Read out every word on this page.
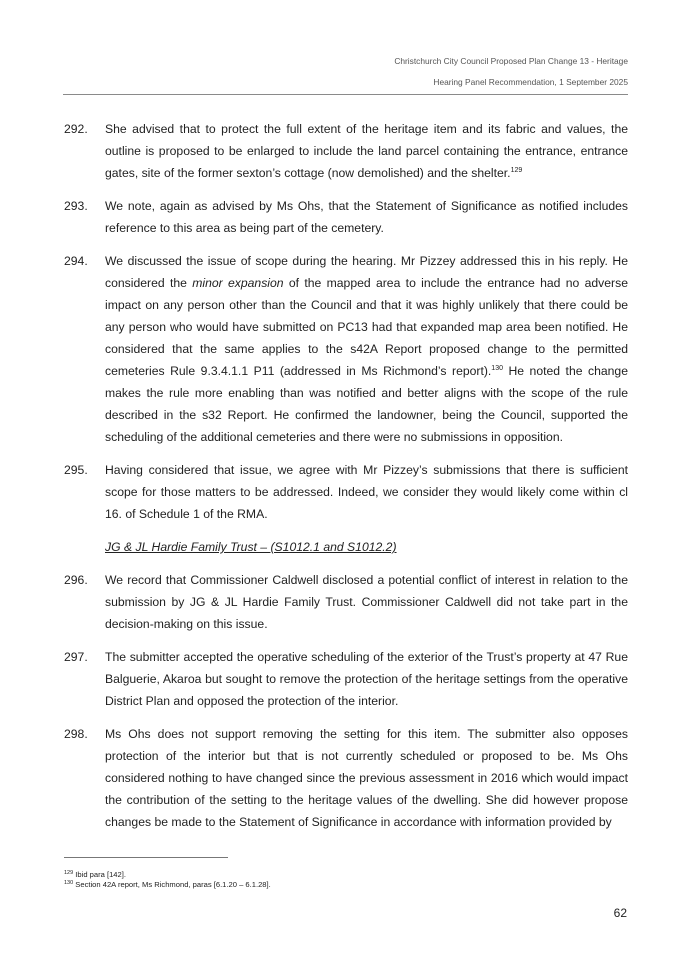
Christchurch City Council Proposed Plan Change 13 - Heritage
Hearing Panel Recommendation, 1 September 2025
292. She advised that to protect the full extent of the heritage item and its fabric and values, the outline is proposed to be enlarged to include the land parcel containing the entrance, entrance gates, site of the former sexton’s cottage (now demolished) and the shelter.$^{129}$
293. We note, again as advised by Ms Ohs, that the Statement of Significance as notified includes reference to this area as being part of the cemetery.
294. We discussed the issue of scope during the hearing. Mr Pizzey addressed this in his reply. He considered the minor expansion of the mapped area to include the entrance had no adverse impact on any person other than the Council and that it was highly unlikely that there could be any person who would have submitted on PC13 had that expanded map area been notified. He considered that the same applies to the s42A Report proposed change to the permitted cemeteries Rule 9.3.4.1.1 P11 (addressed in Ms Richmond’s report).$^{130}$ He noted the change makes the rule more enabling than was notified and better aligns with the scope of the rule described in the s32 Report. He confirmed the landowner, being the Council, supported the scheduling of the additional cemeteries and there were no submissions in opposition.
295. Having considered that issue, we agree with Mr Pizzey’s submissions that there is sufficient scope for those matters to be addressed. Indeed, we consider they would likely come within cl 16. of Schedule 1 of the RMA.
JG & JL Hardie Family Trust – (S1012.1 and S1012.2)
296. We record that Commissioner Caldwell disclosed a potential conflict of interest in relation to the submission by JG & JL Hardie Family Trust. Commissioner Caldwell did not take part in the decision-making on this issue.
297. The submitter accepted the operative scheduling of the exterior of the Trust’s property at 47 Rue Balguerie, Akaroa but sought to remove the protection of the heritage settings from the operative District Plan and opposed the protection of the interior.
298. Ms Ohs does not support removing the setting for this item. The submitter also opposes protection of the interior but that is not currently scheduled or proposed to be. Ms Ohs considered nothing to have changed since the previous assessment in 2016 which would impact the contribution of the setting to the heritage values of the dwelling. She did however propose changes be made to the Statement of Significance in accordance with information provided by
$^{129}$ Ibid para [142].
$^{130}$ Section 42A report, Ms Richmond, paras [6.1.20 – 6.1.28].
62
